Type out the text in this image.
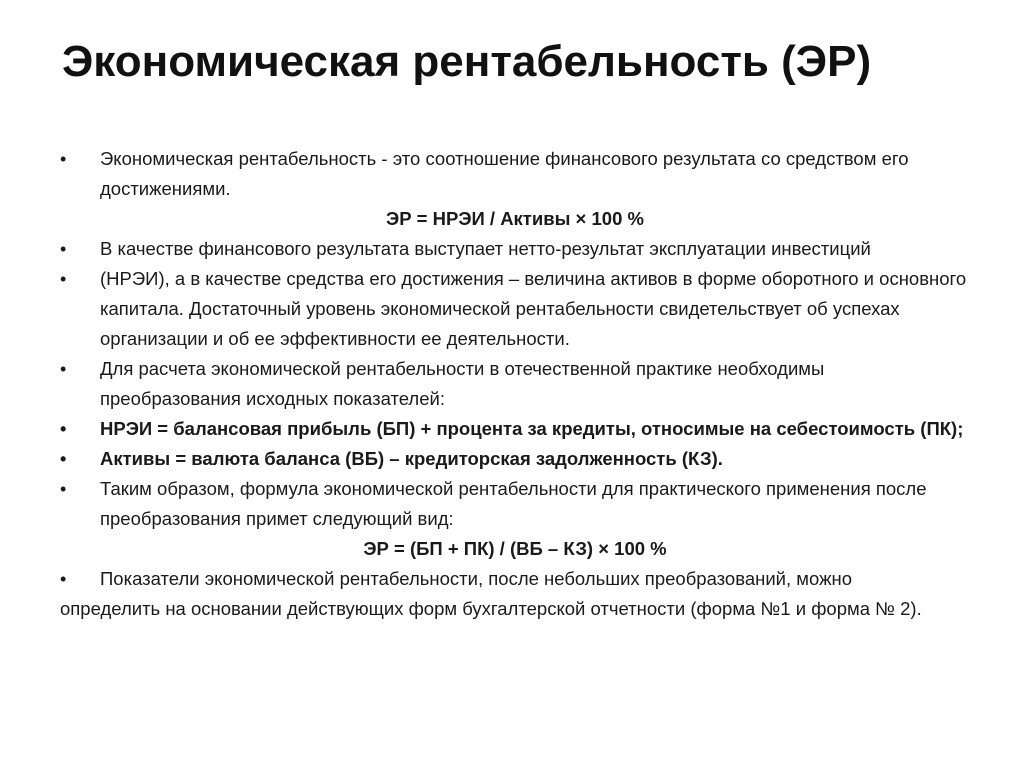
Экономическая рентабельность (ЭР)

•	Экономическая рентабельность - это соотношение финансового результата со средством его достижениями.

ЭР = НРЭИ / Активы × 100 %

•	В качестве финансового результата выступает нетто-результат эксплуатации инвестиций

•	(НРЭИ), а в качестве средства его достижения – величина активов в форме оборотного и основного капитала. Достаточный уровень экономической рентабельности свидетельствует об успехах организации и об ее эффективности ее деятельности.

•	Для расчета экономической рентабельности в отечественной практике необходимы преобразования исходных показателей:

•	НРЭИ = балансовая прибыль (БП) + процента за кредиты, относимые на себестоимость (ПК);

•	Активы = валюта баланса (ВБ) – кредиторская задолженность (КЗ).

•	Таким образом, формула экономической рентабельности для практического применения после преобразования примет следующий вид:

ЭР = (БП + ПК) / (ВБ – КЗ) × 100 %

•	Показатели экономической рентабельности, после небольших преобразований, можно

определить на основании действующих форм бухгалтерской отчетности (форма №1 и форма № 2).
